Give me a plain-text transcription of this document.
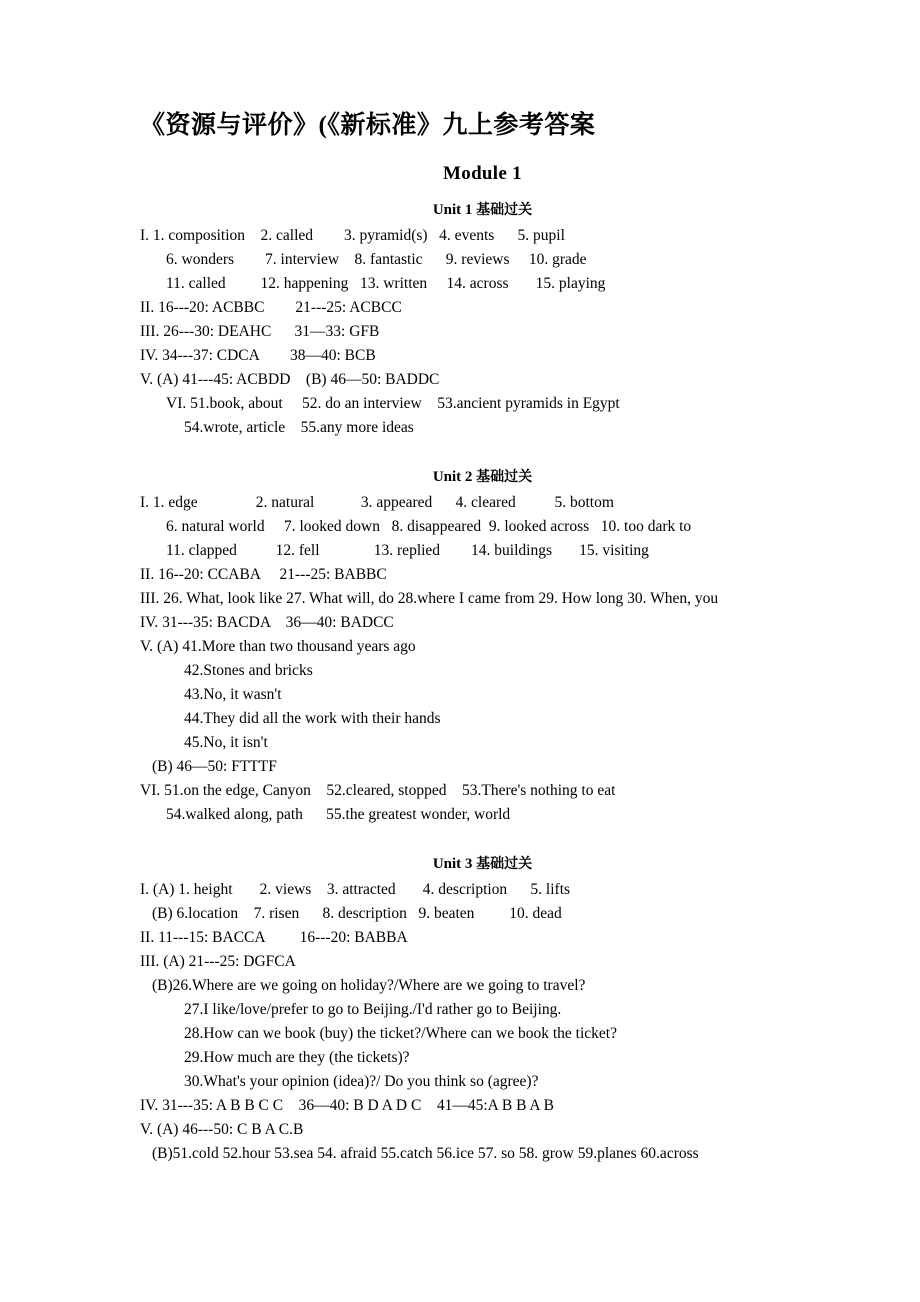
《资源与评价》(《新标准》九上参考答案
Module 1
Unit 1 基础过关

I. 1. composition    2. called        3. pyramid(s)   4. events      5. pupil

6. wonders        7. interview    8. fantastic      9. reviews     10. grade

11. called         12. happening   13. written     14. across       15. playing

II. 16---20: ACBBC        21---25: ACBCC

III. 26---30: DEAHC      31—33: GFB

IV. 34---37: CDCA        38—40: BCB

V. (A) 41---45: ACBDD    (B) 46—50: BADDC

VI. 51.book, about     52. do an interview    53.ancient pyramids in Egypt

54.wrote, article    55.any more ideas

Unit 2 基础过关

I. 1. edge               2. natural            3. appeared      4. cleared          5. bottom

6. natural world     7. looked down   8. disappeared  9. looked across   10. too dark to

11. clapped          12. fell              13. replied        14. buildings       15. visiting

II. 16--20: CCABA     21---25: BABBC

III. 26. What, look like 27. What will, do 28.where I came from 29. How long 30. When, you

IV. 31---35: BACDA    36—40: BADCC

V. (A) 41.More than two thousand years ago

42.Stones and bricks

43.No, it wasn't

44.They did all the work with their hands

45.No, it isn't

(B) 46—50: FTTTF

VI. 51.on the edge, Canyon    52.cleared, stopped    53.There's nothing to eat

54.walked along, path      55.the greatest wonder, world

Unit 3 基础过关

I. (A) 1. height       2. views    3. attracted       4. description      5. lifts

(B) 6.location    7. risen      8. description   9. beaten         10. dead

II. 11---15: BACCA         16---20: BABBA

III. (A) 21---25: DGFCA

(B)26.Where are we going on holiday?/Where are we going to travel?

27.I like/love/prefer to go to Beijing./I'd rather go to Beijing.

28.How can we book (buy) the ticket?/Where can we book the ticket?

29.How much are they (the tickets)?

30.What's your opinion (idea)?/ Do you think so (agree)?

IV. 31---35: A B B C C    36—40: B D A D C    41—45:A B B A B

V. (A) 46---50: C B A C.B

(B)51.cold 52.hour 53.sea 54. afraid 55.catch 56.ice 57. so 58. grow 59.planes 60.across
